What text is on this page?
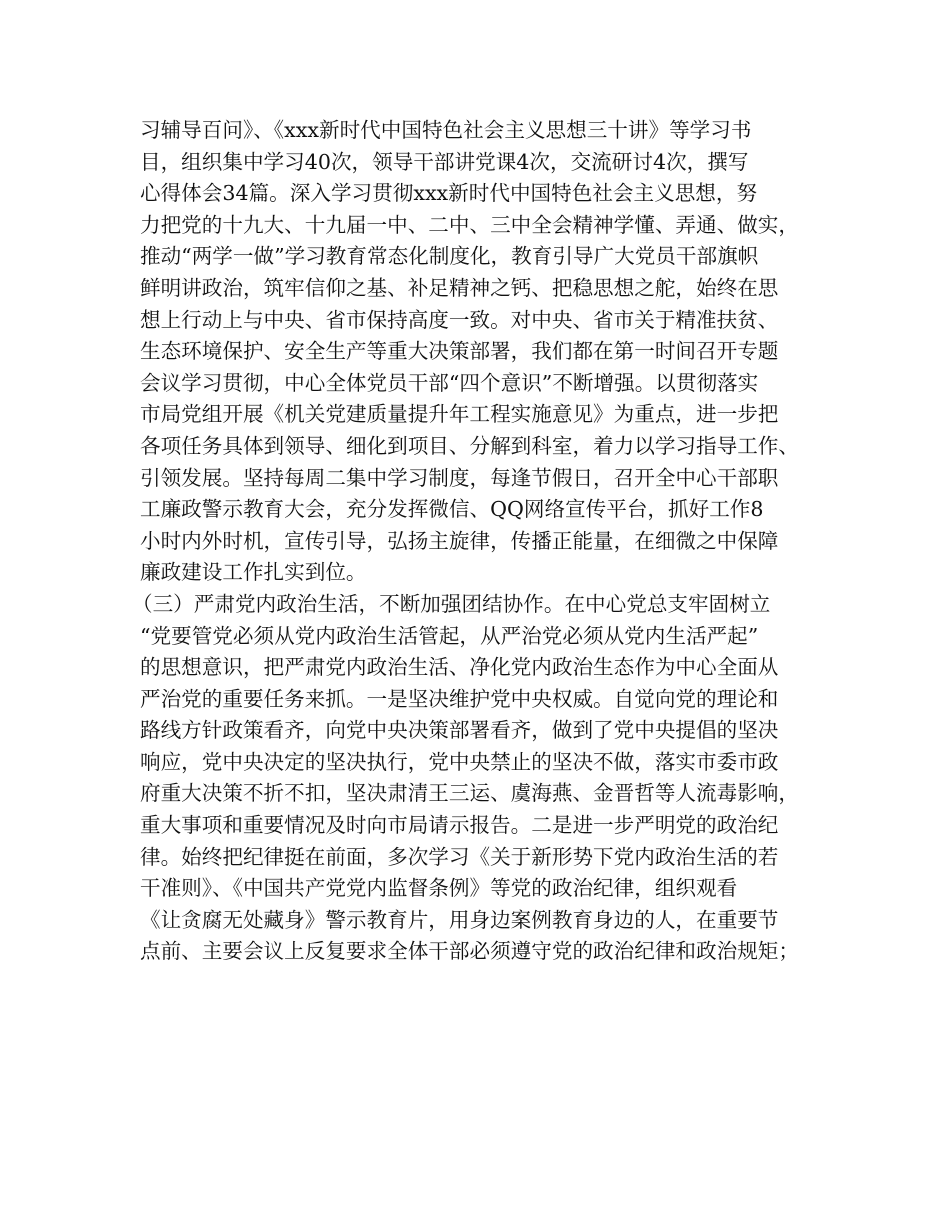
习辅导百问》、《xxx新时代中国特色社会主义思想三十讲》等学习书
目，组织集中学习40次，领导干部讲党课4次，交流研讨4次，撰写
心得体会34篇。深入学习贯彻xxx新时代中国特色社会主义思想，努
力把党的十九大、十九届一中、二中、三中全会精神学懂、弄通、做实，
推动“两学一做”学习教育常态化制度化，教育引导广大党员干部旗帜
鲜明讲政治，筑牢信仰之基、补足精神之钙、把稳思想之舵，始终在思
想上行动上与中央、省市保持高度一致。对中央、省市关于精准扶贫、
生态环境保护、安全生产等重大决策部署，我们都在第一时间召开专题
会议学习贯彻，中心全体党员干部“四个意识”不断增强。以贯彻落实
市局党组开展《机关党建质量提升年工程实施意见》为重点，进一步把
各项任务具体到领导、细化到项目、分解到科室，着力以学习指导工作、
引领发展。坚持每周二集中学习制度，每逢节假日，召开全中心干部职
工廉政警示教育大会，充分发挥微信、QQ网络宣传平台，抓好工作8
小时内外时机，宣传引导，弘扬主旋律，传播正能量，在细微之中保障
廉政建设工作扎实到位。
（三）严肃党内政治生活，不断加强团结协作。在中心党总支牢固树立
“党要管党必须从党内政治生活管起，从严治党必须从党内生活严起”
的思想意识，把严肃党内政治生活、净化党内政治生态作为中心全面从
严治党的重要任务来抓。一是坚决维护党中央权威。自觉向党的理论和
路线方针政策看齐，向党中央决策部署看齐，做到了党中央提倡的坚决
响应，党中央决定的坚决执行，党中央禁止的坚决不做，落实市委市政
府重大决策不折不扣，坚决肃清王三运、虞海燕、金晋哲等人流毒影响，
重大事项和重要情况及时向市局请示报告。二是进一步严明党的政治纪
律。始终把纪律挺在前面，多次学习《关于新形势下党内政治生活的若
干准则》、《中国共产党党内监督条例》等党的政治纪律，组织观看
《让贪腐无处藏身》警示教育片，用身边案例教育身边的人，在重要节
点前、主要会议上反复要求全体干部必须遵守党的政治纪律和政治规矩；
